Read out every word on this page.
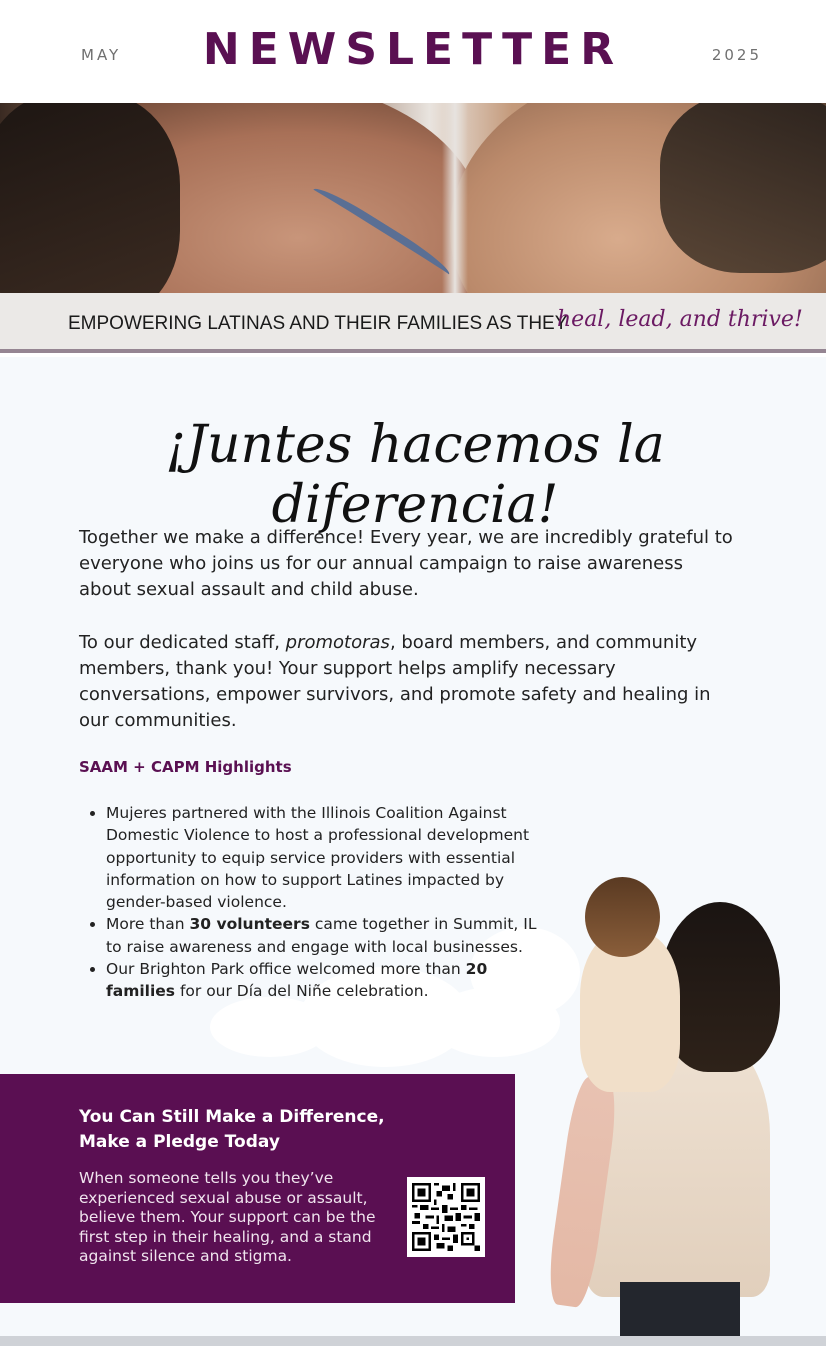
MAY	NEWSLETTER	2025
EMPOWERING LATINAS AND THEIR FAMILIES AS THEY
heal, lead, and thrive!
¡Juntes hacemos la diferencia!

Together we make a difference! Every year, we are incredibly grateful to everyone who joins us for our annual campaign to raise awareness about sexual assault and child abuse.

To our dedicated staff, promotoras, board members, and community members, thank you! Your support helps amplify necessary conversations, empower survivors, and promote safety and healing in our communities.

SAAM + CAPM Highlights
• Mujeres partnered with the Illinois Coalition Against Domestic Violence to host a professional development opportunity to equip service providers with essential information on how to support Latines impacted by gender-based violence.
• More than 30 volunteers came together in Summit, IL to raise awareness and engage with local businesses.
• Our Brighton Park office welcomed more than 20 families for our Día del Niñe celebration.
You Can Still Make a Difference, Make a Pledge Today
When someone tells you they’ve experienced sexual abuse or assault, believe them. Your support can be the first step in their healing, and a stand against silence and stigma.
